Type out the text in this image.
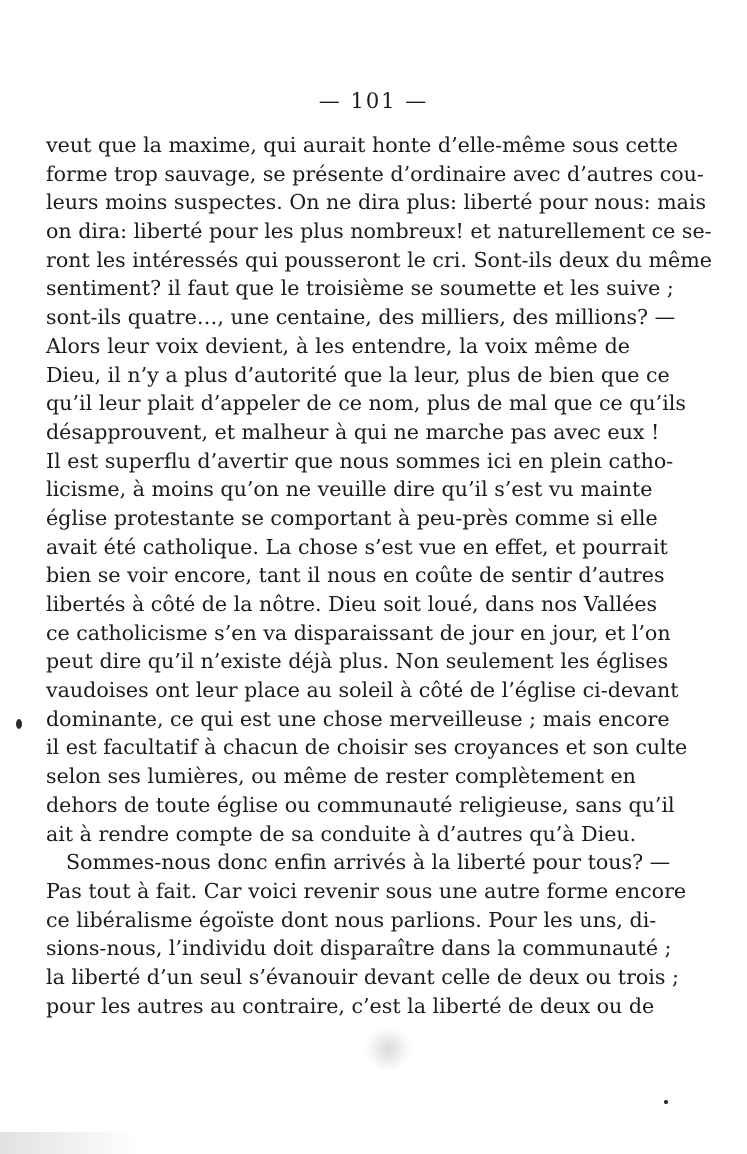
— 101 —
veut que la maxime, qui aurait honte d’elle-même sous cette
forme trop sauvage, se présente d’ordinaire avec d’autres cou-
leurs moins suspectes. On ne dira plus: liberté pour nous: mais
on dira: liberté pour les plus nombreux! et naturellement ce se-
ront les intéressés qui pousseront le cri. Sont-ils deux du même
sentiment? il faut que le troisième se soumette et les suive ;
sont-ils quatre…, une centaine, des milliers, des millions? —
Alors leur voix devient, à les entendre, la voix même de
Dieu, il n’y a plus d’autorité que la leur, plus de bien que ce
qu’il leur plait d’appeler de ce nom, plus de mal que ce qu’ils
désapprouvent, et malheur à qui ne marche pas avec eux !
Il est superflu d’avertir que nous sommes ici en plein catho-
licisme, à moins qu’on ne veuille dire qu’il s’est vu mainte
église protestante se comportant à peu-près comme si elle
avait été catholique. La chose s’est vue en effet, et pourrait
bien se voir encore, tant il nous en coûte de sentir d’autres
libertés à côté de la nôtre. Dieu soit loué, dans nos Vallées
ce catholicisme s’en va disparaissant de jour en jour, et l’on
peut dire qu’il n’existe déjà plus. Non seulement les églises
vaudoises ont leur place au soleil à côté de l’église ci-devant
dominante, ce qui est une chose merveilleuse ; mais encore
il est facultatif à chacun de choisir ses croyances et son culte
selon ses lumières, ou même de rester complètement en
dehors de toute église ou communauté religieuse, sans qu’il
ait à rendre compte de sa conduite à d’autres qu’à Dieu.
Sommes-nous donc enfin arrivés à la liberté pour tous? —
Pas tout à fait. Car voici revenir sous une autre forme encore
ce libéralisme égoïste dont nous parlions. Pour les uns, di-
sions-nous, l’individu doit disparaître dans la communauté ;
la liberté d’un seul s’évanouir devant celle de deux ou trois ;
pour les autres au contraire, c’est la liberté de deux ou de
